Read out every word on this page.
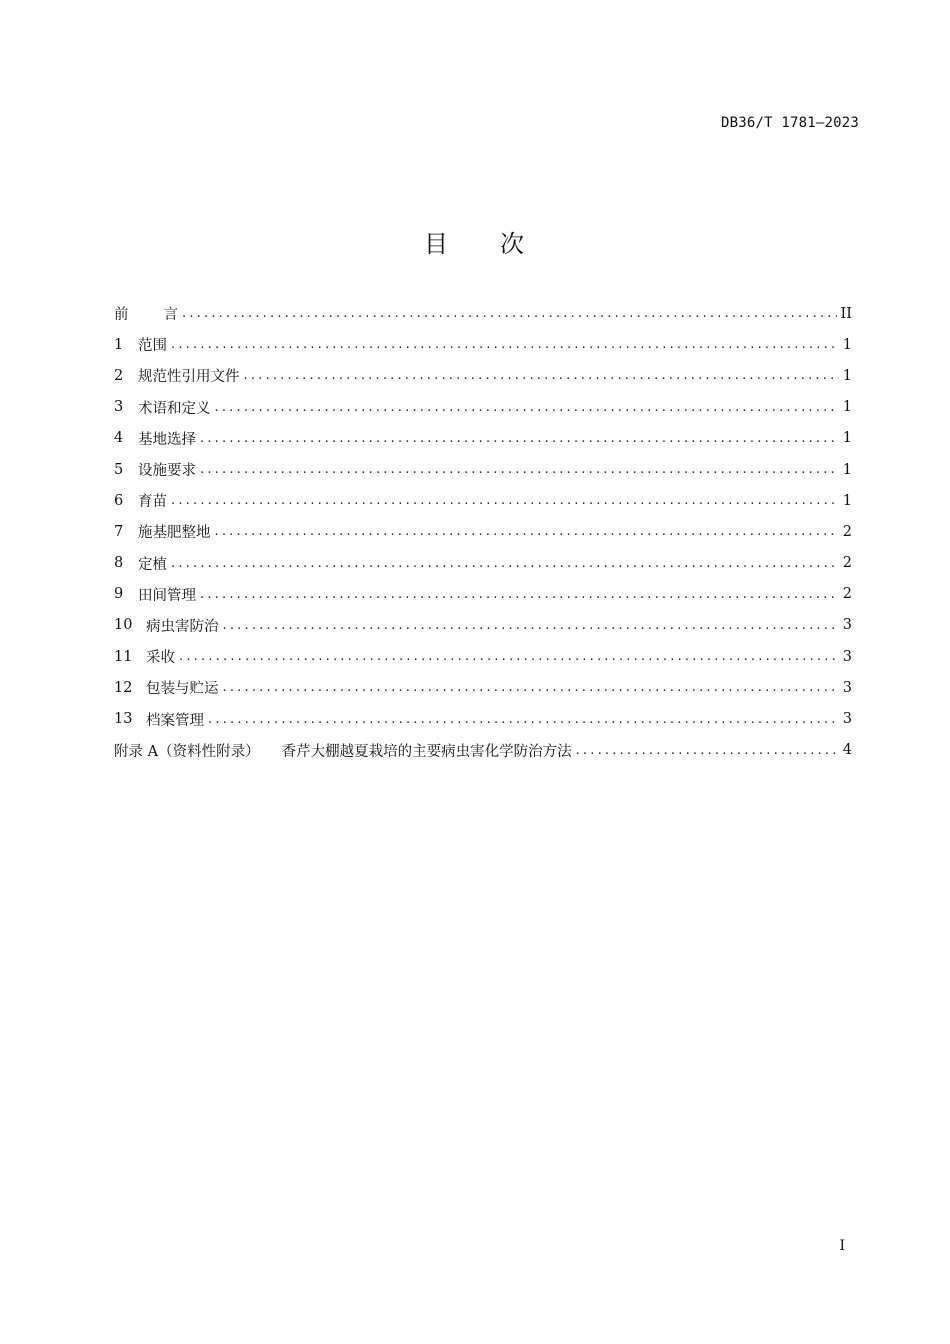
DB36/T 1781—2023
目 次
前 言 .....	II
1	范围 .....	1
2	规范性引用文件 .....	1
3	术语和定义 .....	1
4	基地选择 .....	1
5	设施要求 .....	1
6	育苗 .....	1
7	施基肥整地 .....	2
8	定植 .....	2
9	田间管理 .....	2
10 病虫害防治 .....	3
11 采收 .....	3
12 包装与贮运 .....	3
13 档案管理 .....	3
附录 A（资料性附录） 香芹大棚越夏栽培的主要病虫害化学防治方法 .....	4
I
